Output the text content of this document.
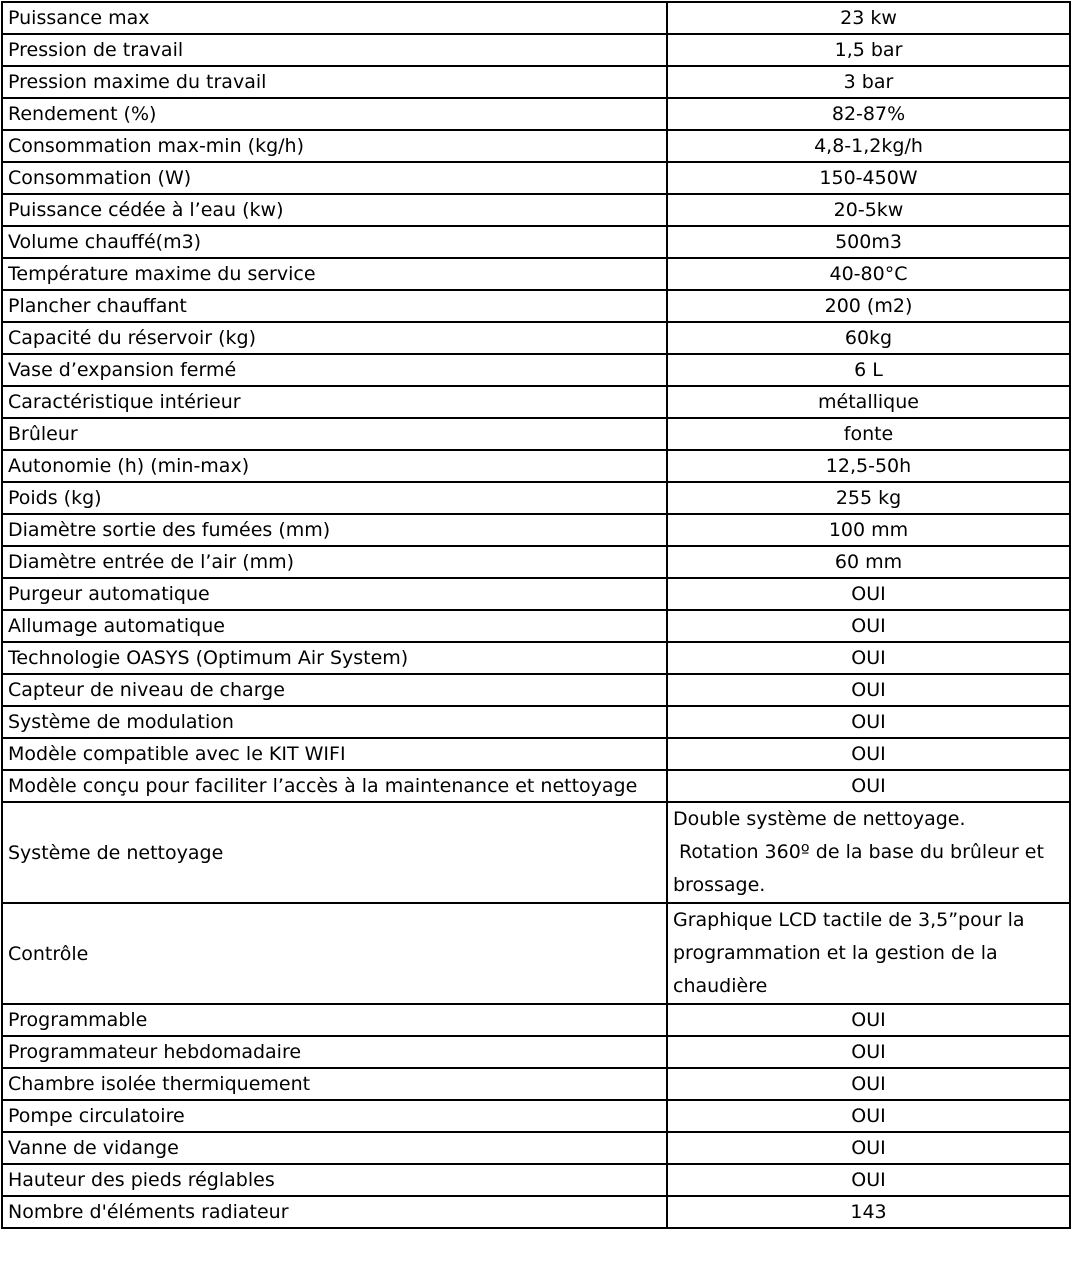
Puissance max	23 kw
Pression de travail	1,5 bar
Pression maxime du travail	3 bar
Rendement (%)	82-87%
Consommation max-min (kg/h)	4,8-1,2kg/h
Consommation (W)	150-450W
Puissance cédée à l’eau (kw)	20-5kw
Volume chauffé(m3)	500m3
Température maxime du service	40-80°C
Plancher chauffant	200 (m2)
Capacité du réservoir (kg)	60kg
Vase d’expansion fermé	6 L
Caractéristique intérieur	métallique
Brûleur	fonte
Autonomie (h) (min-max)	12,5-50h
Poids (kg)	255 kg
Diamètre sortie des fumées (mm)	100 mm
Diamètre entrée de l’air (mm)	60 mm
Purgeur automatique	OUI
Allumage automatique	OUI
Technologie OASYS (Optimum Air System)	OUI
Capteur de niveau de charge	OUI
Système de modulation	OUI
Modèle compatible avec le KIT WIFI	OUI
Modèle conçu pour faciliter l’accès à la maintenance et nettoyage	OUI
Système de nettoyage	Double système de nettoyage.
Rotation 360º de la base du brûleur et
brossage.

Contrôle	Graphique LCD tactile de 3,5”pour la
programmation et la gestion de la
chaudière

Programmable	OUI
Programmateur hebdomadaire	OUI
Chambre isolée thermiquement	OUI
Pompe circulatoire	OUI
Vanne de vidange	OUI
Hauteur des pieds réglables	OUI
Nombre d'éléments radiateur	143
